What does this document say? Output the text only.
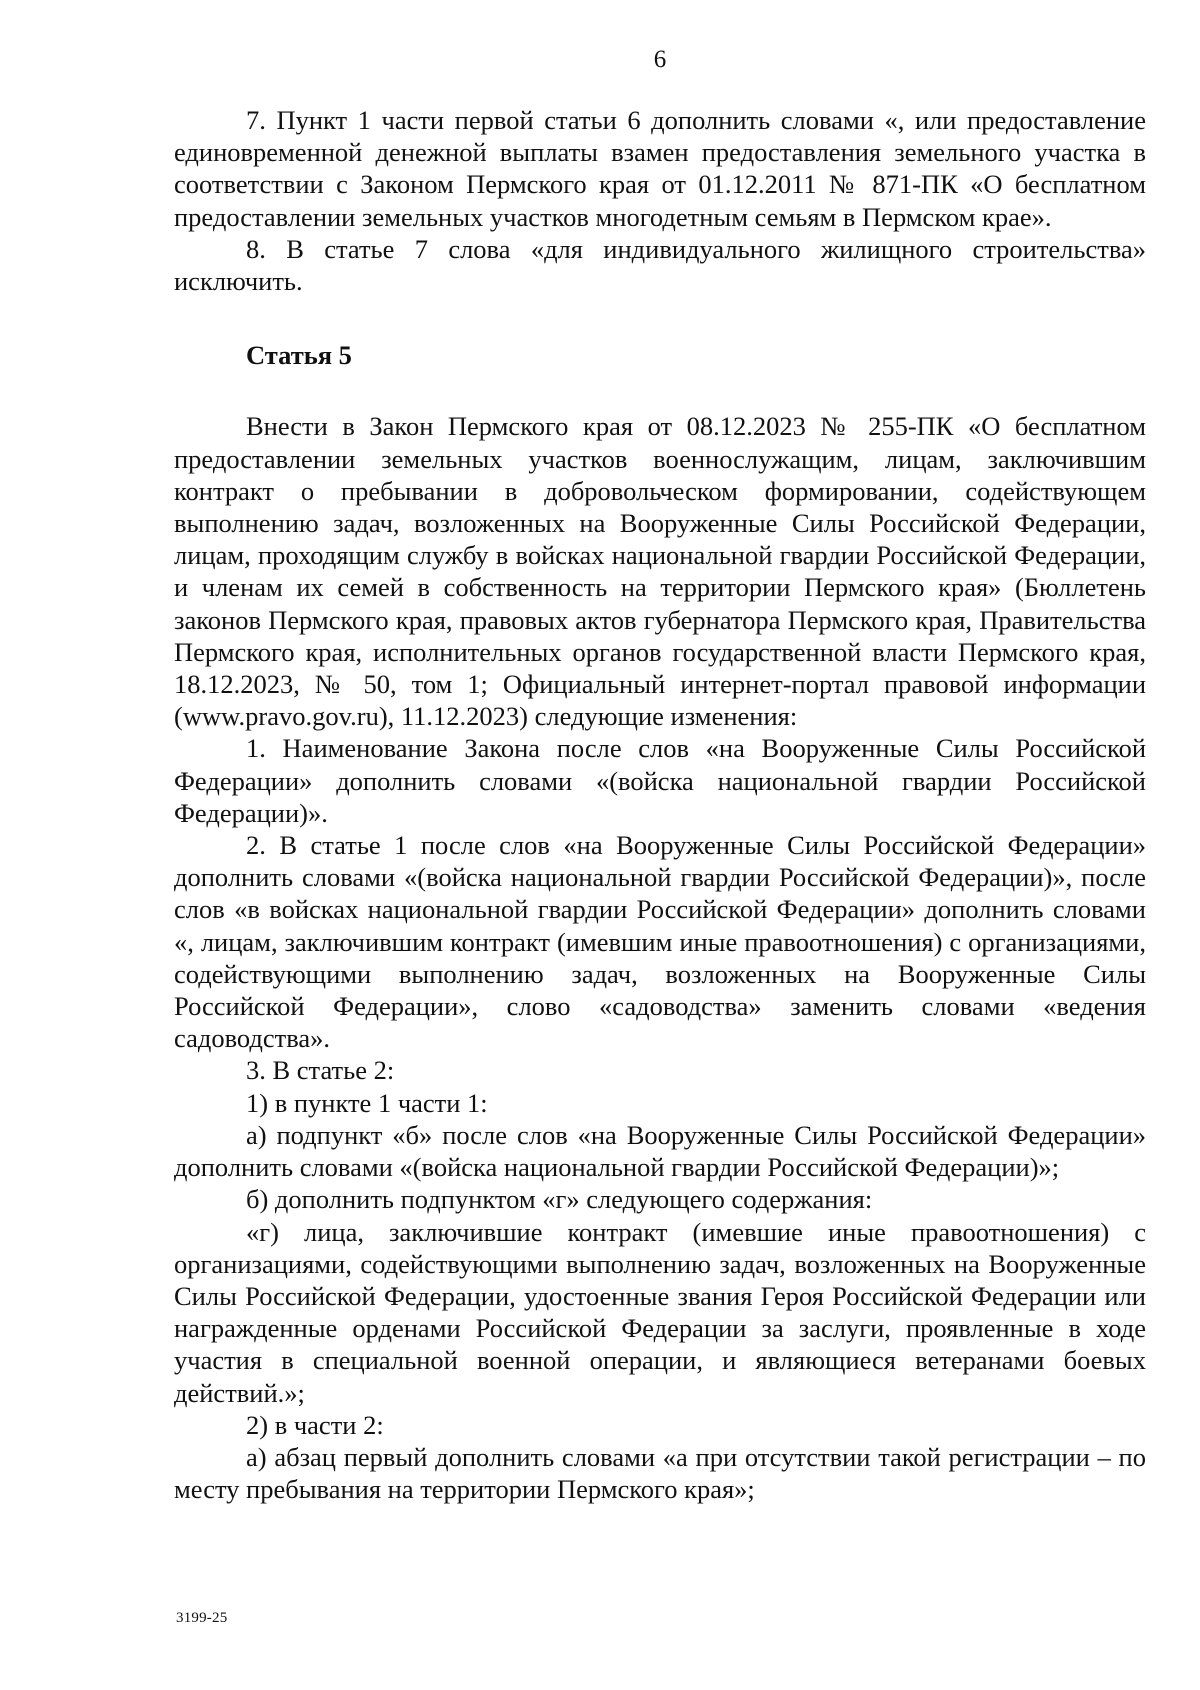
6

7. Пункт 1 части первой статьи 6 дополнить словами «, или предоставление единовременной денежной выплаты взамен предоставления земельного участка в соответствии с Законом Пермского края от 01.12.2011 № 871-ПК «О бесплатном предоставлении земельных участков многодетным семьям в Пермском крае».

8. В статье 7 слова «для индивидуального жилищного строительства» исключить.

Статья 5

Внести в Закон Пермского края от 08.12.2023 № 255-ПК «О бесплатном предоставлении земельных участков военнослужащим, лицам, заключившим контракт о пребывании в добровольческом формировании, содействующем выполнению задач, возложенных на Вооруженные Силы Российской Федерации, лицам, проходящим службу в войсках национальной гвардии Российской Федерации, и членам их семей в собственность на территории Пермского края» (Бюллетень законов Пермского края, правовых актов губернатора Пермского края, Правительства Пермского края, исполнительных органов государственной власти Пермского края, 18.12.2023, № 50, том 1; Официальный интернет-портал правовой информации (www.pravo.gov.ru), 11.12.2023) следующие изменения:

1. Наименование Закона после слов «на Вооруженные Силы Российской Федерации» дополнить словами «(войска национальной гвардии Российской Федерации)».

2. В статье 1 после слов «на Вооруженные Силы Российской Федерации» дополнить словами «(войска национальной гвардии Российской Федерации)», после слов «в войсках национальной гвардии Российской Федерации» дополнить словами «, лицам, заключившим контракт (имевшим иные правоотношения) с организациями, содействующими выполнению задач, возложенных на Вооруженные Силы Российской Федерации», слово «садоводства» заменить словами «ведения садоводства».

3. В статье 2:

1) в пункте 1 части 1:

а) подпункт «б» после слов «на Вооруженные Силы Российской Федерации» дополнить словами «(войска национальной гвардии Российской Федерации)»;

б) дополнить подпунктом «г» следующего содержания:

«г) лица, заключившие контракт (имевшие иные правоотношения) с организациями, содействующими выполнению задач, возложенных на Вооруженные Силы Российской Федерации, удостоенные звания Героя Российской Федерации или награжденные орденами Российской Федерации за заслуги, проявленные в ходе участия в специальной военной операции, и являющиеся ветеранами боевых действий.»;

2) в части 2:

а) абзац первый дополнить словами «а при отсутствии такой регистрации – по месту пребывания на территории Пермского края»;

3199-25
